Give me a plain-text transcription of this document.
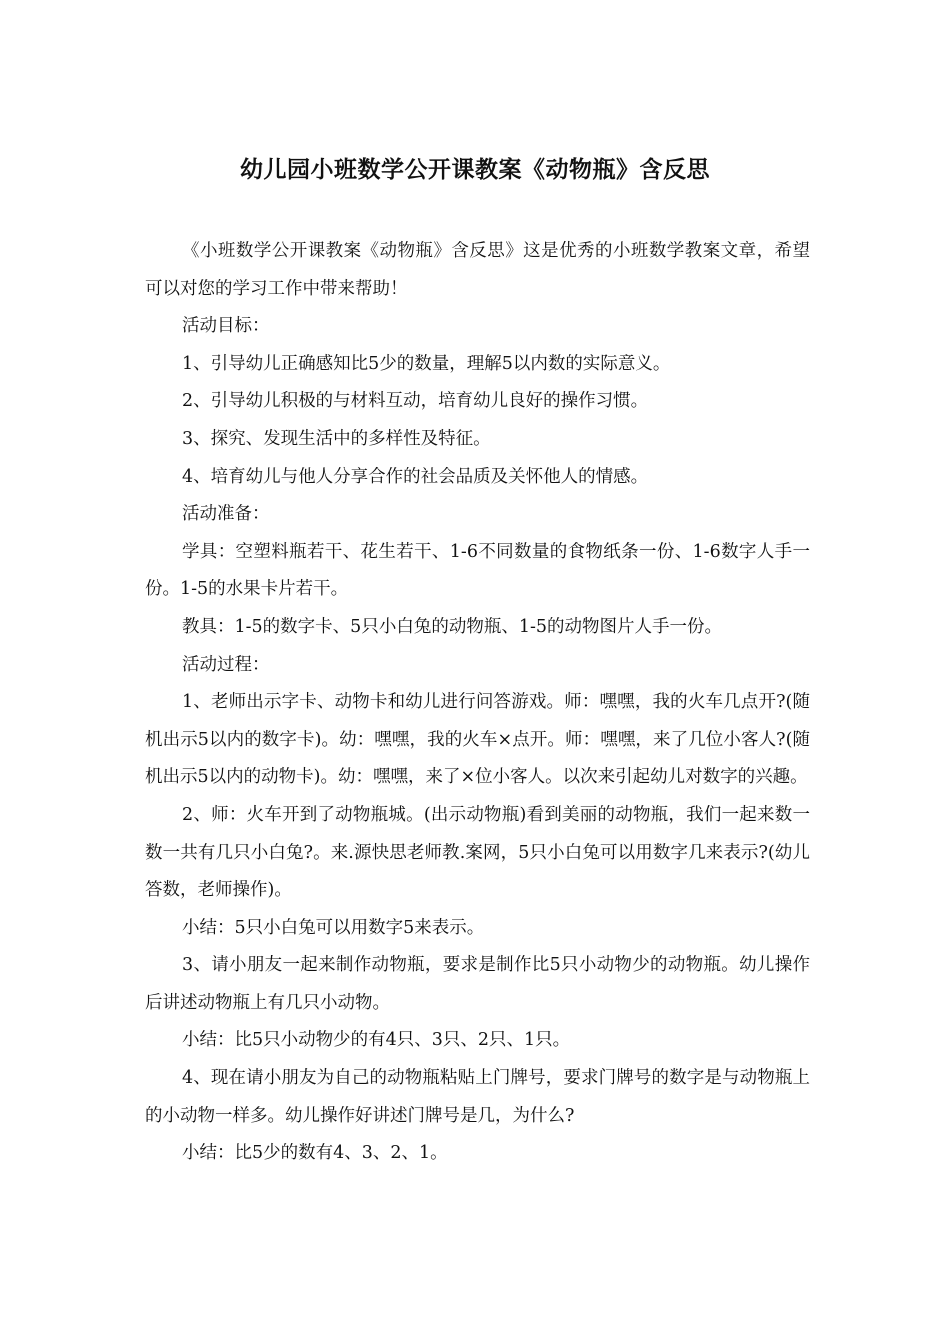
幼儿园小班数学公开课教案《动物瓶》含反思

《小班数学公开课教案《动物瓶》含反思》这是优秀的小班数学教案文章，希望可以对您的学习工作中带来帮助！

活动目标：

1、引导幼儿正确感知比5少的数量，理解5以内数的实际意义。

2、引导幼儿积极的与材料互动，培育幼儿良好的操作习惯。

3、探究、发现生活中的多样性及特征。

4、培育幼儿与他人分享合作的社会品质及关怀他人的情感。

活动准备：

学具：空塑料瓶若干、花生若干、1-6不同数量的食物纸条一份、1-6数字人手一份。1-5的水果卡片若干。

教具：1-5的数字卡、5只小白兔的动物瓶、1-5的动物图片人手一份。

活动过程：

1、老师出示字卡、动物卡和幼儿进行问答游戏。师：嘿嘿，我的火车几点开?(随机出示5以内的数字卡)。幼：嘿嘿，我的火车×点开。师：嘿嘿，来了几位小客人?(随机出示5以内的动物卡)。幼：嘿嘿，来了×位小客人。以次来引起幼儿对数字的兴趣。

2、师：火车开到了动物瓶城。(出示动物瓶)看到美丽的动物瓶，我们一起来数一数一共有几只小白兔?。来.源快思老师教.案网，5只小白兔可以用数字几来表示?(幼儿答数，老师操作)。

小结：5只小白兔可以用数字5来表示。

3、请小朋友一起来制作动物瓶，要求是制作比5只小动物少的动物瓶。幼儿操作后讲述动物瓶上有几只小动物。

小结：比5只小动物少的有4只、3只、2只、1只。

4、现在请小朋友为自己的动物瓶粘贴上门牌号，要求门牌号的数字是与动物瓶上的小动物一样多。幼儿操作好讲述门牌号是几，为什么?

小结：比5少的数有4、3、2、1。
